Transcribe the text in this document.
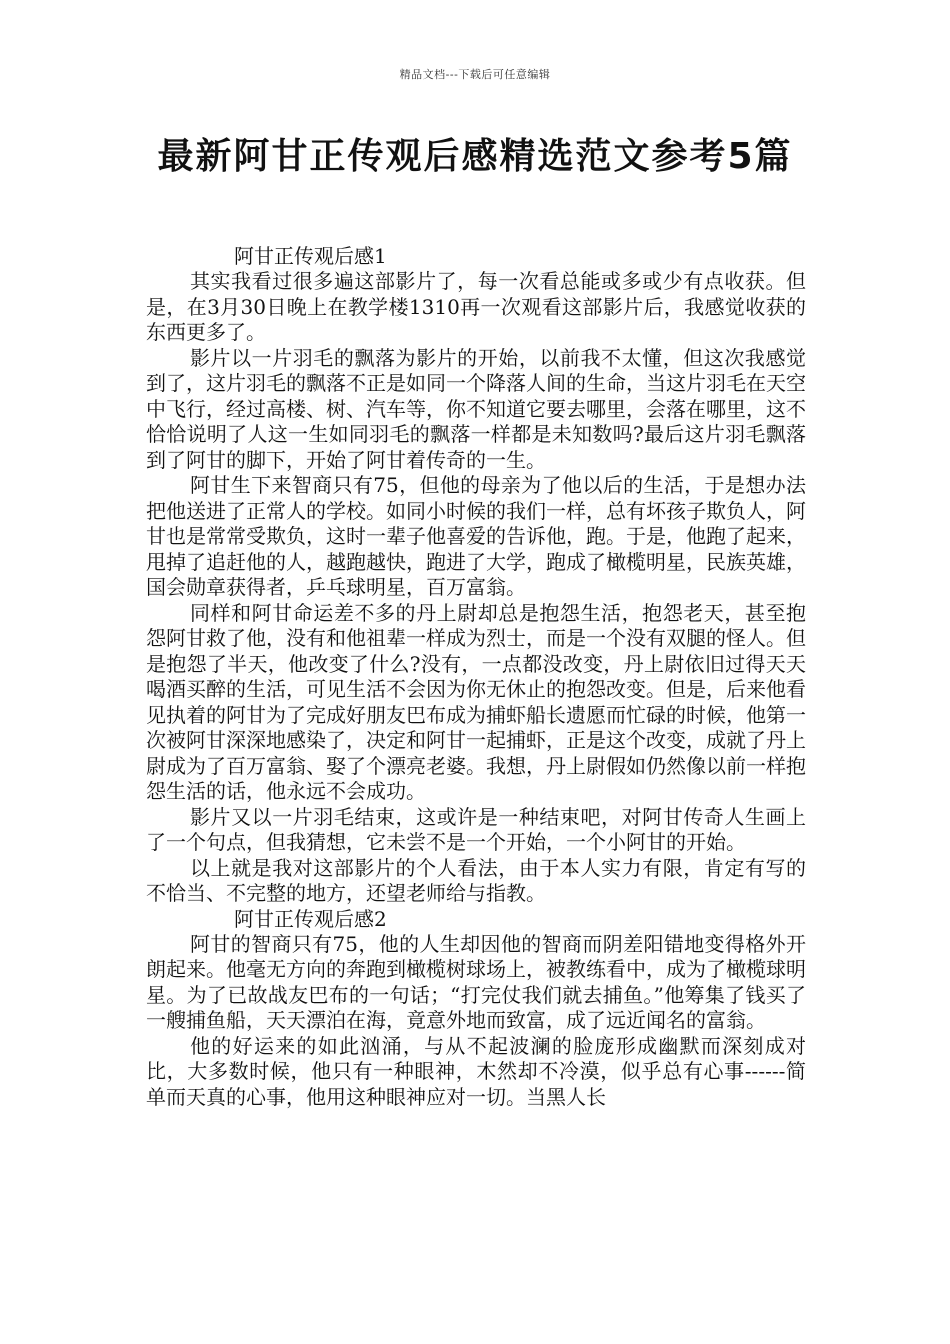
精品文档---下载后可任意编辑
最新阿甘正传观后感精选范文参考5篇
阿甘正传观后感1

其实我看过很多遍这部影片了，每一次看总能或多或少有点收获。但是，在3月30日晚上在教学楼1310再一次观看这部影片后，我感觉收获的东西更多了。

影片以一片羽毛的飘落为影片的开始，以前我不太懂，但这次我感觉到了，这片羽毛的飘落不正是如同一个降落人间的生命，当这片羽毛在天空中飞行，经过高楼、树、汽车等，你不知道它要去哪里，会落在哪里，这不恰恰说明了人这一生如同羽毛的飘落一样都是未知数吗?最后这片羽毛飘落到了阿甘的脚下，开始了阿甘着传奇的一生。

阿甘生下来智商只有75，但他的母亲为了他以后的生活，于是想办法把他送进了正常人的学校。如同小时候的我们一样，总有坏孩子欺负人，阿甘也是常常受欺负，这时一辈子他喜爱的告诉他，跑。于是，他跑了起来，甩掉了追赶他的人，越跑越快，跑进了大学，跑成了橄榄明星，民族英雄，国会勋章获得者，乒乓球明星，百万富翁。

同样和阿甘命运差不多的丹上尉却总是抱怨生活，抱怨老天，甚至抱怨阿甘救了他，没有和他祖辈一样成为烈士，而是一个没有双腿的怪人。但是抱怨了半天，他改变了什么?没有，一点都没改变，丹上尉依旧过得天天喝酒买醉的生活，可见生活不会因为你无休止的抱怨改变。但是，后来他看见执着的阿甘为了完成好朋友巴布成为捕虾船长遗愿而忙碌的时候，他第一次被阿甘深深地感染了，决定和阿甘一起捕虾，正是这个改变，成就了丹上尉成为了百万富翁、娶了个漂亮老婆。我想，丹上尉假如仍然像以前一样抱怨生活的话，他永远不会成功。

影片又以一片羽毛结束，这或许是一种结束吧，对阿甘传奇人生画上了一个句点，但我猜想，它未尝不是一个开始，一个小阿甘的开始。

以上就是我对这部影片的个人看法，由于本人实力有限，肯定有写的不恰当、不完整的地方，还望老师给与指教。

阿甘正传观后感2

阿甘的智商只有75，他的人生却因他的智商而阴差阳错地变得格外开朗起来。他毫无方向的奔跑到橄榄树球场上，被教练看中，成为了橄榄球明星。为了已故战友巴布的一句话；“打完仗我们就去捕鱼。”他筹集了钱买了一艘捕鱼船，天天漂泊在海，竟意外地而致富，成了远近闻名的富翁。

他的好运来的如此汹涌，与从不起波澜的脸庞形成幽默而深刻成对比，大多数时候，他只有一种眼神，木然却不冷漠，似乎总有心事------简单而天真的心事，他用这种眼神应对一切。当黑人长
